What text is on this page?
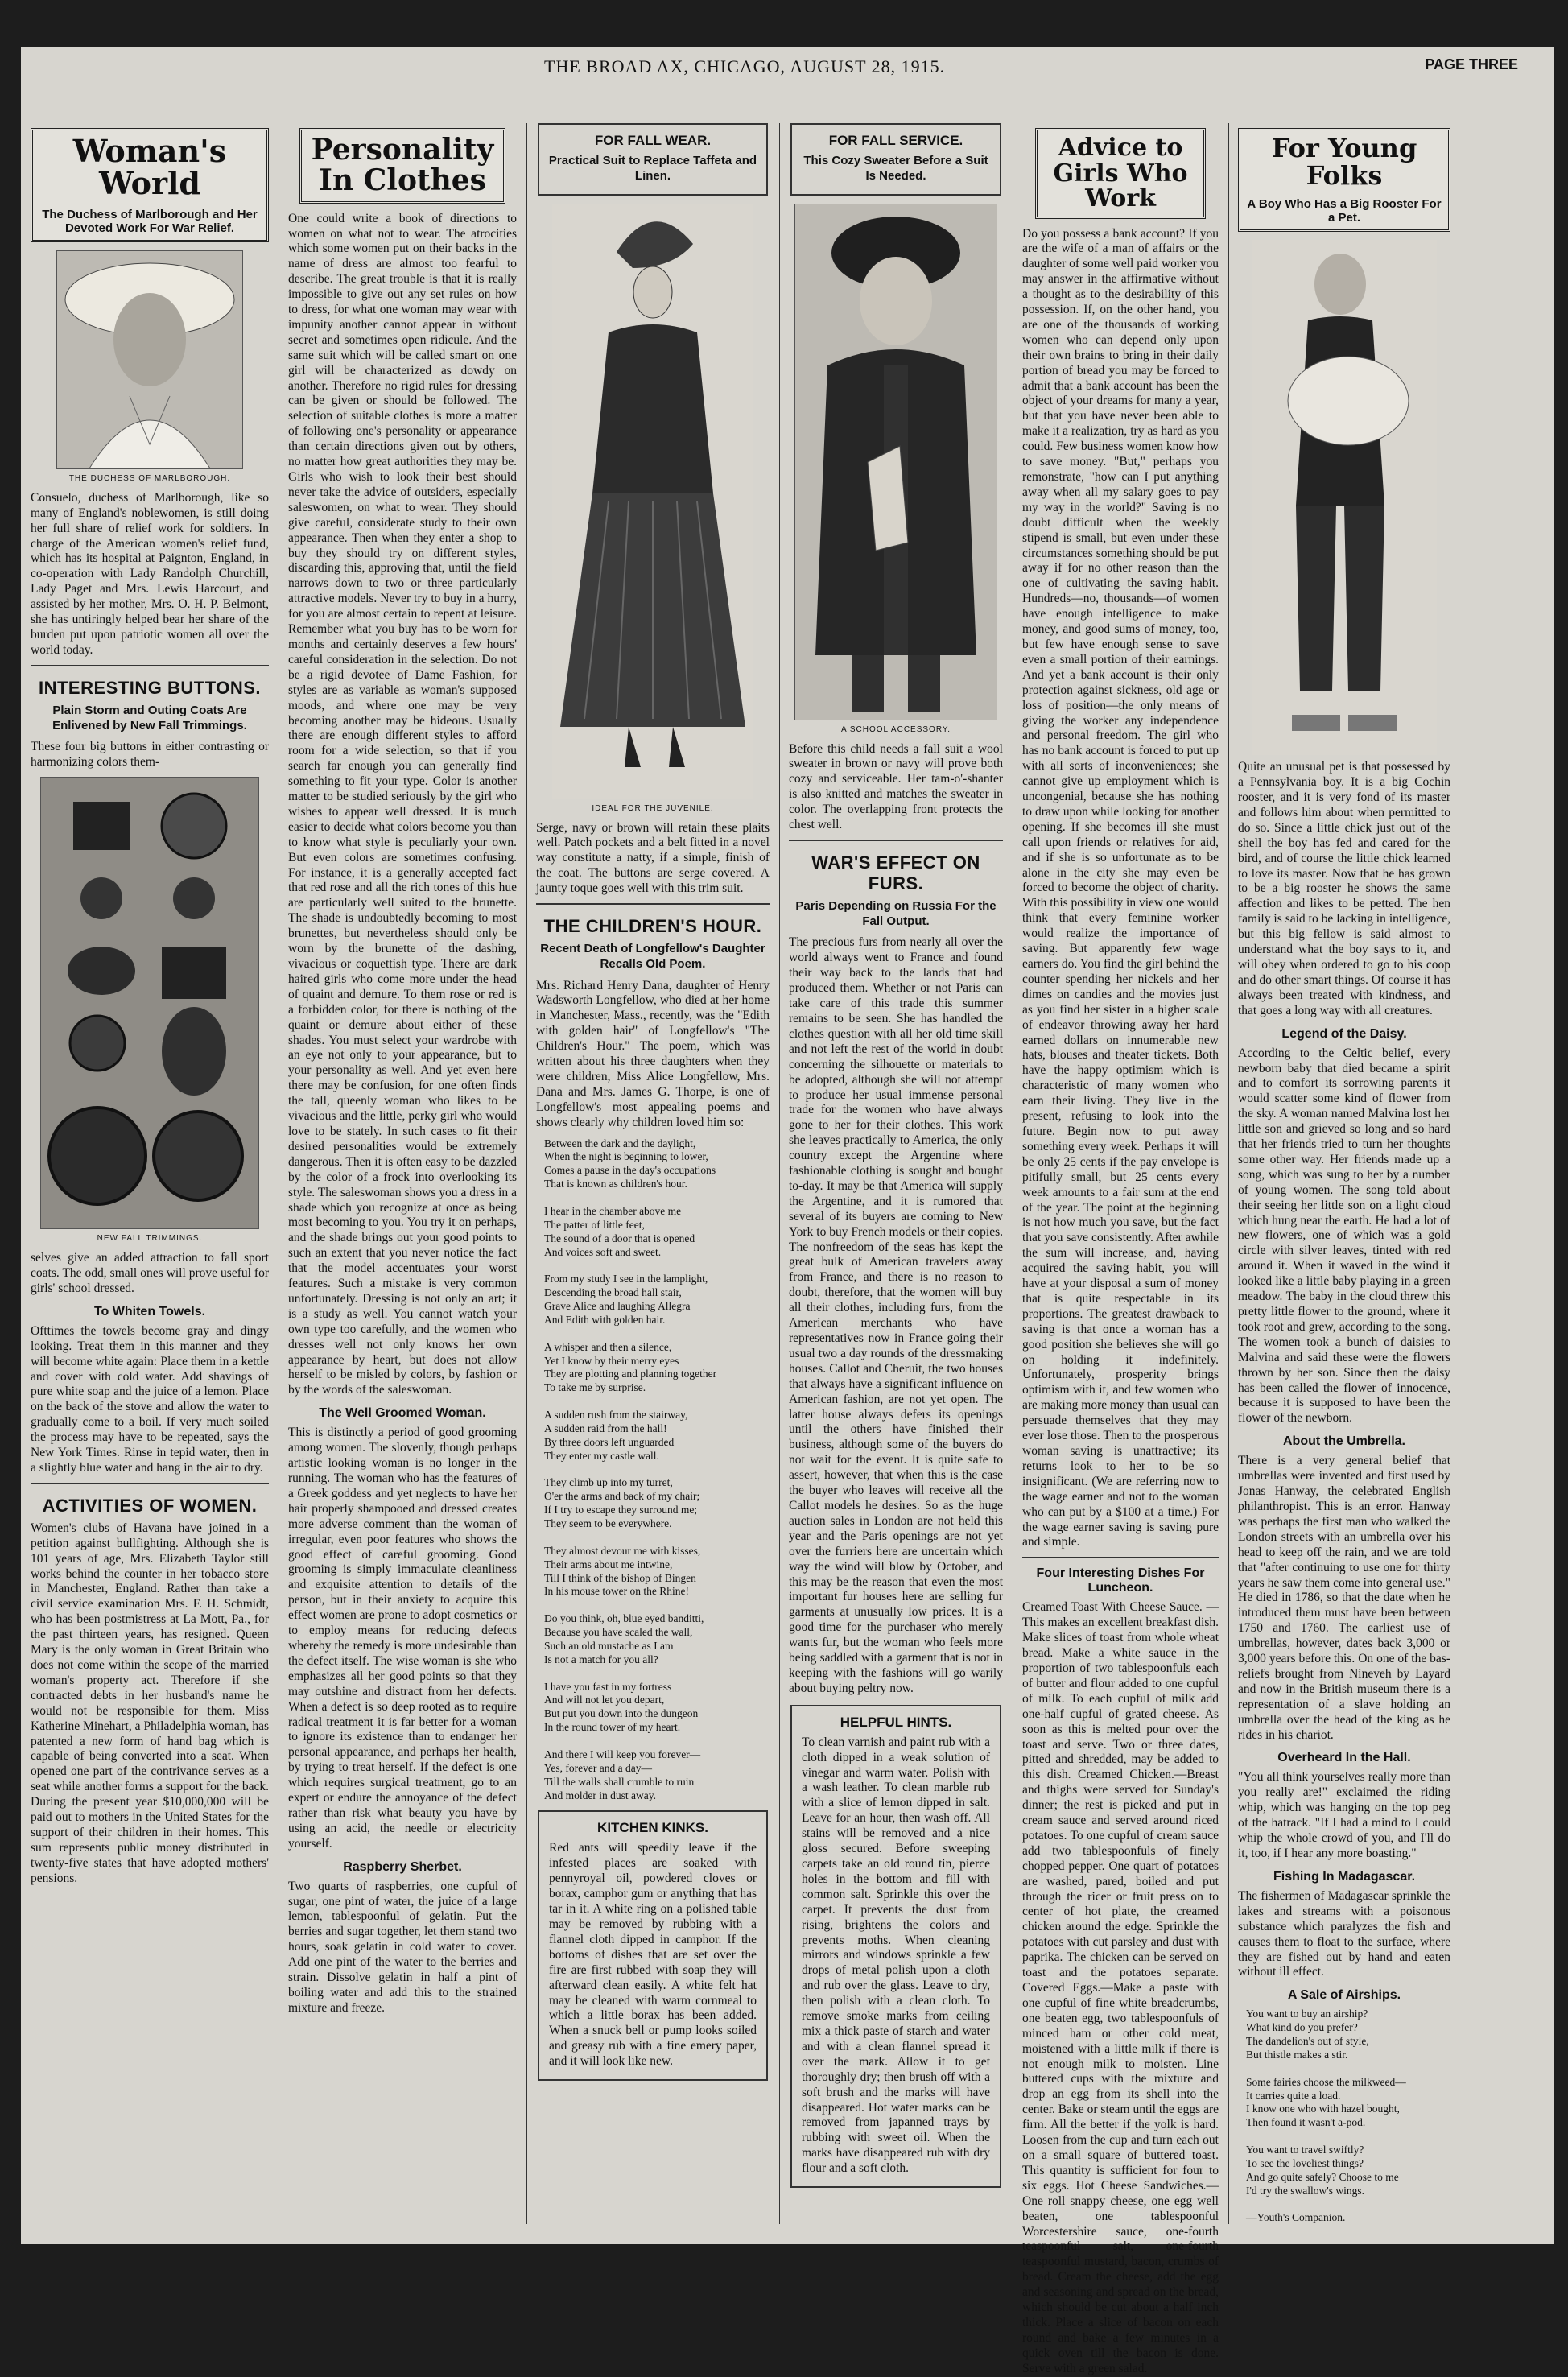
THE BROAD AX, CHICAGO, AUGUST 28, 1915.	PAGE THREE
Woman's World
The Duchess of Marlborough and Her Devoted Work For War Relief.
THE DUCHESS OF MARLBOROUGH.
Consuelo, duchess of Marlborough, like so many of England's noblewomen, is still doing her full share of relief work for soldiers. In charge of the American women's relief fund, which has its hospital at Paignton, England, in co-operation with Lady Randolph Churchill, Lady Paget and Mrs. Lewis Harcourt, and assisted by her mother, Mrs. O. H. P. Belmont, she has untiringly helped bear her share of the burden put upon patriotic women all over the world today.
INTERESTING BUTTONS.
Plain Storm and Outing Coats Are Enlivened by New Fall Trimmings.
These four big buttons in either contrasting or harmonizing colors them-
NEW FALL TRIMMINGS.
selves give an added attraction to fall sport coats. The odd, small ones will prove useful for girls' school dressed.
To Whiten Towels.
Ofttimes the towels become gray and dingy looking. Treat them in this manner and they will become white again: Place them in a kettle and cover with cold water. Add shavings of pure white soap and the juice of a lemon. Place on the back of the stove and allow the water to gradually come to a boil. If very much soiled the process may have to be repeated, says the New York Times. Rinse in tepid water, then in a slightly blue water and hang in the air to dry.
ACTIVITIES OF WOMEN.
Women's clubs of Havana have joined in a petition against bullfighting. Although she is 101 years of age, Mrs. Elizabeth Taylor still works behind the counter in her tobacco store in Manchester, England. Rather than take a civil service examination Mrs. F. H. Schmidt, who has been postmistress at La Mott, Pa., for the past thirteen years, has resigned. Queen Mary is the only woman in Great Britain who does not come within the scope of the married woman's property act. Therefore if she contracted debts in her husband's name he would not be responsible for them. Miss Katherine Minehart, a Philadelphia woman, has patented a new form of hand bag which is capable of being converted into a seat. When opened one part of the contrivance serves as a seat while another forms a support for the back. During the present year $10,000,000 will be paid out to mothers in the United States for the support of their children in their homes. This sum represents public money distributed in twenty-five states that have adopted mothers' pensions.
Personality In Clothes
One could write a book of directions to women on what not to wear. The atrocities which some women put on their backs in the name of dress are almost too fearful to describe. The great trouble is that it is really impossible to give out any set rules on how to dress, for what one woman may wear with impunity another cannot appear in without secret and sometimes open ridicule. And the same suit which will be called smart on one girl will be characterized as dowdy on another. Therefore no rigid rules for dressing can be given or should be followed. The selection of suitable clothes is more a matter of following one's personality or appearance than certain directions given out by others, no matter how great authorities they may be. Girls who wish to look their best should never take the advice of outsiders, especially saleswomen, on what to wear. They should give careful, considerate study to their own appearance. Then when they enter a shop to buy they should try on different styles, discarding this, approving that, until the field narrows down to two or three particularly attractive models. Never try to buy in a hurry, for you are almost certain to repent at leisure. Remember what you buy has to be worn for months and certainly deserves a few hours' careful consideration in the selection. Do not be a rigid devotee of Dame Fashion, for styles are as variable as woman's supposed moods, and where one may be very becoming another may be hideous. Usually there are enough different styles to afford room for a wide selection, so that if you search far enough you can generally find something to fit your type. Color is another matter to be studied seriously by the girl who wishes to appear well dressed. It is much easier to decide what colors become you than to know what style is peculiarly your own. But even colors are sometimes confusing. For instance, it is a generally accepted fact that red rose and all the rich tones of this hue are particularly well suited to the brunette. The shade is undoubtedly becoming to most brunettes, but nevertheless should only be worn by the brunette of the dashing, vivacious or coquettish type. There are dark haired girls who come more under the head of quaint and demure. To them rose or red is a forbidden color, for there is nothing of the quaint or demure about either of these shades. You must select your wardrobe with an eye not only to your appearance, but to your personality as well. And yet even here there may be confusion, for one often finds the tall, queenly woman who likes to be vivacious and the little, perky girl who would love to be stately. In such cases to fit their desired personalities would be extremely dangerous. Then it is often easy to be dazzled by the color of a frock into overlooking its style. The saleswoman shows you a dress in a shade which you recognize at once as being most becoming to you. You try it on perhaps, and the shade brings out your good points to such an extent that you never notice the fact that the model accentuates your worst features. Such a mistake is very common unfortunately. Dressing is not only an art; it is a study as well. You cannot watch your own type too carefully, and the women who dresses well not only knows her own appearance by heart, but does not allow herself to be misled by colors, by fashion or by the words of the saleswoman.
The Well Groomed Woman.
This is distinctly a period of good grooming among women. The slovenly, though perhaps artistic looking woman is no longer in the running. The woman who has the features of a Greek goddess and yet neglects to have her hair properly shampooed and dressed creates more adverse comment than the woman of irregular, even poor features who shows the good effect of careful grooming. Good grooming is simply immaculate cleanliness and exquisite attention to details of the person, but in their anxiety to acquire this effect women are prone to adopt cosmetics or to employ means for reducing defects whereby the remedy is more undesirable than the defect itself. The wise woman is she who emphasizes all her good points so that they may outshine and distract from her defects. When a defect is so deep rooted as to require radical treatment it is far better for a woman to ignore its existence than to endanger her personal appearance, and perhaps her health, by trying to treat herself. If the defect is one which requires surgical treatment, go to an expert or endure the annoyance of the defect rather than risk what beauty you have by using an acid, the needle or electricity yourself.
Raspberry Sherbet.
Two quarts of raspberries, one cupful of sugar, one pint of water, the juice of a large lemon, tablespoonful of gelatin. Put the berries and sugar together, let them stand two hours, soak gelatin in cold water to cover. Add one pint of the water to the berries and strain. Dissolve gelatin in half a pint of boiling water and add this to the strained mixture and freeze.
FOR FALL WEAR.
Practical Suit to Replace Taffeta and Linen.
IDEAL FOR THE JUVENILE.
Serge, navy or brown will retain these plaits well. Patch pockets and a belt fitted in a novel way constitute a natty, if a simple, finish of the coat. The buttons are serge covered. A jaunty toque goes well with this trim suit.
THE CHILDREN'S HOUR.
Recent Death of Longfellow's Daughter Recalls Old Poem.
Mrs. Richard Henry Dana, daughter of Henry Wadsworth Longfellow, who died at her home in Manchester, Mass., recently, was the "Edith with golden hair" of Longfellow's "The Children's Hour." The poem, which was written about his three daughters when they were children, Miss Alice Longfellow, Mrs. Dana and Mrs. James G. Thorpe, is one of Longfellow's most appealing poems and shows clearly why children loved him so:
Between the dark and the daylight,
When the night is beginning to lower,
Comes a pause in the day's occupations
That is known as children's hour.

I hear in the chamber above me
The patter of little feet,
The sound of a door that is opened
And voices soft and sweet.

From my study I see in the lamplight,
Descending the broad hall stair,
Grave Alice and laughing Allegra
And Edith with golden hair.

A whisper and then a silence,
Yet I know by their merry eyes
They are plotting and planning together
To take me by surprise.

A sudden rush from the stairway,
A sudden raid from the hall!
By three doors left unguarded
They enter my castle wall.

They climb up into my turret,
O'er the arms and back of my chair;
If I try to escape they surround me;
They seem to be everywhere.

They almost devour me with kisses,
Their arms about me intwine,
Till I think of the bishop of Bingen
In his mouse tower on the Rhine!

Do you think, oh, blue eyed banditti,
Because you have scaled the wall,
Such an old mustache as I am
Is not a match for you all?

I have you fast in my fortress
And will not let you depart,
But put you down into the dungeon
In the round tower of my heart.

And there I will keep you forever—
Yes, forever and a day—
Till the walls shall crumble to ruin
And molder in dust away.
KITCHEN KINKS.
Red ants will speedily leave if the infested places are soaked with pennyroyal oil, powdered cloves or borax, camphor gum or anything that has tar in it. A white ring on a polished table may be removed by rubbing with a flannel cloth dipped in camphor. If the bottoms of dishes that are set over the fire are first rubbed with soap they will afterward clean easily. A white felt hat may be cleaned with warm cornmeal to which a little borax has been added. When a snuck bell or pump looks soiled and greasy rub with a fine emery paper, and it will look like new.
FOR FALL SERVICE.
This Cozy Sweater Before a Suit Is Needed.
A SCHOOL ACCESSORY.
Before this child needs a fall suit a wool sweater in brown or navy will prove both cozy and serviceable. Her tam-o'-shanter is also knitted and matches the sweater in color. The overlapping front protects the chest well.
WAR'S EFFECT ON FURS.
Paris Depending on Russia For the Fall Output.
The precious furs from nearly all over the world always went to France and found their way back to the lands that had produced them. Whether or not Paris can take care of this trade this summer remains to be seen. She has handled the clothes question with all her old time skill and not left the rest of the world in doubt concerning the silhouette or materials to be adopted, although she will not attempt to produce her usual immense personal trade for the women who have always gone to her for their clothes. This work she leaves practically to America, the only country except the Argentine where fashionable clothing is sought and bought to-day. It may be that America will supply the Argentine, and it is rumored that several of its buyers are coming to New York to buy French models or their copies. The nonfreedom of the seas has kept the great bulk of American travelers away from France, and there is no reason to doubt, therefore, that the women will buy all their clothes, including furs, from the American merchants who have representatives now in France going their usual two a day rounds of the dressmaking houses. Callot and Cheruit, the two houses that always have a significant influence on American fashion, are not yet open. The latter house always defers its openings until the others have finished their business, although some of the buyers do not wait for the event. It is quite safe to assert, however, that when this is the case the buyer who leaves will receive all the Callot models he desires. So as the huge auction sales in London are not held this year and the Paris openings are not yet over the furriers here are uncertain which way the wind will blow by October, and this may be the reason that even the most important fur houses here are selling fur garments at unusually low prices. It is a good time for the purchaser who merely wants fur, but the woman who feels more being saddled with a garment that is not in keeping with the fashions will go warily about buying peltry now.
HELPFUL HINTS.
To clean varnish and paint rub with a cloth dipped in a weak solution of vinegar and warm water. Polish with a wash leather. To clean marble rub with a slice of lemon dipped in salt. Leave for an hour, then wash off. All stains will be removed and a nice gloss secured. Before sweeping carpets take an old round tin, pierce holes in the bottom and fill with common salt. Sprinkle this over the carpet. It prevents the dust from rising, brightens the colors and prevents moths. When cleaning mirrors and windows sprinkle a few drops of metal polish upon a cloth and rub over the glass. Leave to dry, then polish with a clean cloth. To remove smoke marks from ceiling mix a thick paste of starch and water and with a clean flannel spread it over the mark. Allow it to get thoroughly dry; then brush off with a soft brush and the marks will have disappeared. Hot water marks can be removed from japanned trays by rubbing with sweet oil. When the marks have disappeared rub with dry flour and a soft cloth.
Advice to Girls Who Work
Do you possess a bank account? If you are the wife of a man of affairs or the daughter of some well paid worker you may answer in the affirmative without a thought as to the desirability of this possession. If, on the other hand, you are one of the thousands of working women who can depend only upon their own brains to bring in their daily portion of bread you may be forced to admit that a bank account has been the object of your dreams for many a year, but that you have never been able to make it a realization, try as hard as you could. Few business women know how to save money. "But," perhaps you remonstrate, "how can I put anything away when all my salary goes to pay my way in the world?" Saving is no doubt difficult when the weekly stipend is small, but even under these circumstances something should be put away if for no other reason than the one of cultivating the saving habit. Hundreds—no, thousands—of women have enough intelligence to make money, and good sums of money, too, but few have enough sense to save even a small portion of their earnings. And yet a bank account is their only protection against sickness, old age or loss of position—the only means of giving the worker any independence and personal freedom. The girl who has no bank account is forced to put up with all sorts of inconveniences; she cannot give up employment which is uncongenial, because she has nothing to draw upon while looking for another opening. If she becomes ill she must call upon friends or relatives for aid, and if she is so unfortunate as to be alone in the city she may even be forced to become the object of charity. With this possibility in view one would think that every feminine worker would realize the importance of saving. But apparently few wage earners do. You find the girl behind the counter spending her nickels and her dimes on candies and the movies just as you find her sister in a higher scale of endeavor throwing away her hard earned dollars on innumerable new hats, blouses and theater tickets. Both have the happy optimism which is characteristic of many women who earn their living. They live in the present, refusing to look into the future. Begin now to put away something every week. Perhaps it will be only 25 cents if the pay envelope is pitifully small, but 25 cents every week amounts to a fair sum at the end of the year. The point at the beginning is not how much you save, but the fact that you save consistently. After awhile the sum will increase, and, having acquired the saving habit, you will have at your disposal a sum of money that is quite respectable in its proportions. The greatest drawback to saving is that once a woman has a good position she believes she will go on holding it indefinitely. Unfortunately, prosperity brings optimism with it, and few women who are making more money than usual can persuade themselves that they may ever lose those. Then to the prosperous woman saving is unattractive; its returns look to her to be so insignificant. (We are referring now to the wage earner and not to the woman who can put by a $100 at a time.) For the wage earner saving is saving pure and simple.
Four Interesting Dishes For Luncheon.
Creamed Toast With Cheese Sauce. —This makes an excellent breakfast dish. Make slices of toast from whole wheat bread. Make a white sauce in the proportion of two tablespoonfuls each of butter and flour added to one cupful of milk. To each cupful of milk add one-half cupful of grated cheese. As soon as this is melted pour over the toast and serve. Two or three dates, pitted and shredded, may be added to this dish. Creamed Chicken.—Breast and thighs were served for Sunday's dinner; the rest is picked and put in cream sauce and served around riced potatoes. To one cupful of cream sauce add two tablespoonfuls of finely chopped pepper. One quart of potatoes are washed, pared, boiled and put through the ricer or fruit press on to center of hot plate, the creamed chicken around the edge. Sprinkle the potatoes with cut parsley and dust with paprika. The chicken can be served on toast and the potatoes separate. Covered Eggs.—Make a paste with one cupful of fine white breadcrumbs, one beaten egg, two tablespoonfuls of minced ham or other cold meat, moistened with a little milk if there is not enough milk to moisten. Line buttered cups with the mixture and drop an egg from its shell into the center. Bake or steam until the eggs are firm. All the better if the yolk is hard. Loosen from the cup and turn each out on a small square of buttered toast. This quantity is sufficient for four to six eggs. Hot Cheese Sandwiches.—One roll snappy cheese, one egg well beaten, one tablespoonful Worcestershire sauce, one-fourth teaspoonful salt, one-fourth teaspoonful mustard, bacon, crumbs of bread. Cream the cheese, add the egg and seasoning and spread on the bread, which should be cut about a half inch thick. Place a slice of bacon on each round and bake a few minutes in a quick oven till the bacon is done. Serve with a green salad.
For Young Folks
A Boy Who Has a Big Rooster For a Pet.
Quite an unusual pet is that possessed by a Pennsylvania boy. It is a big Cochin rooster, and it is very fond of its master and follows him about when permitted to do so. Since a little chick just out of the shell the boy has fed and cared for the bird, and of course the little chick learned to love its master. Now that he has grown to be a big rooster he shows the same affection and likes to be petted. The hen family is said to be lacking in intelligence, but this big fellow is said almost to understand what the boy says to it, and will obey when ordered to go to his coop and do other smart things. Of course it has always been treated with kindness, and that goes a long way with all creatures.
Legend of the Daisy.
According to the Celtic belief, every newborn baby that died became a spirit and to comfort its sorrowing parents it would scatter some kind of flower from the sky. A woman named Malvina lost her little son and grieved so long and so hard that her friends tried to turn her thoughts some other way. Her friends made up a song, which was sung to her by a number of young women. The song told about their seeing her little son on a light cloud which hung near the earth. He had a lot of new flowers, one of which was a gold circle with silver leaves, tinted with red around it. When it waved in the wind it looked like a little baby playing in a green meadow. The baby in the cloud threw this pretty little flower to the ground, where it took root and grew, according to the song. The women took a bunch of daisies to Malvina and said these were the flowers thrown by her son. Since then the daisy has been called the flower of innocence, because it is supposed to have been the flower of the newborn.
About the Umbrella.
There is a very general belief that umbrellas were invented and first used by Jonas Hanway, the celebrated English philanthropist. This is an error. Hanway was perhaps the first man who walked the London streets with an umbrella over his head to keep off the rain, and we are told that "after continuing to use one for thirty years he saw them come into general use." He died in 1786, so that the date when he introduced them must have been between 1750 and 1760. The earliest use of umbrellas, however, dates back 3,000 or 3,000 years before this. On one of the bas-reliefs brought from Nineveh by Layard and now in the British museum there is a representation of a slave holding an umbrella over the head of the king as he rides in his chariot.
Overheard In the Hall.
"You all think yourselves really more than you really are!" exclaimed the riding whip, which was hanging on the top peg of the hatrack. "If I had a mind to I could whip the whole crowd of you, and I'll do it, too, if I hear any more boasting."
Fishing In Madagascar.
The fishermen of Madagascar sprinkle the lakes and streams with a poisonous substance which paralyzes the fish and causes them to float to the surface, where they are fished out by hand and eaten without ill effect.
A Sale of Airships.
You want to buy an airship?
What kind do you prefer?
The dandelion's out of style,
But thistle makes a stir.

Some fairies choose the milkweed—
It carries quite a load.
I know one who with hazel bought,
Then found it wasn't a-pod.

You want to travel swiftly?
To see the loveliest things?
And go quite safely? Choose to me
I'd try the swallow's wings.

—Youth's Companion.
